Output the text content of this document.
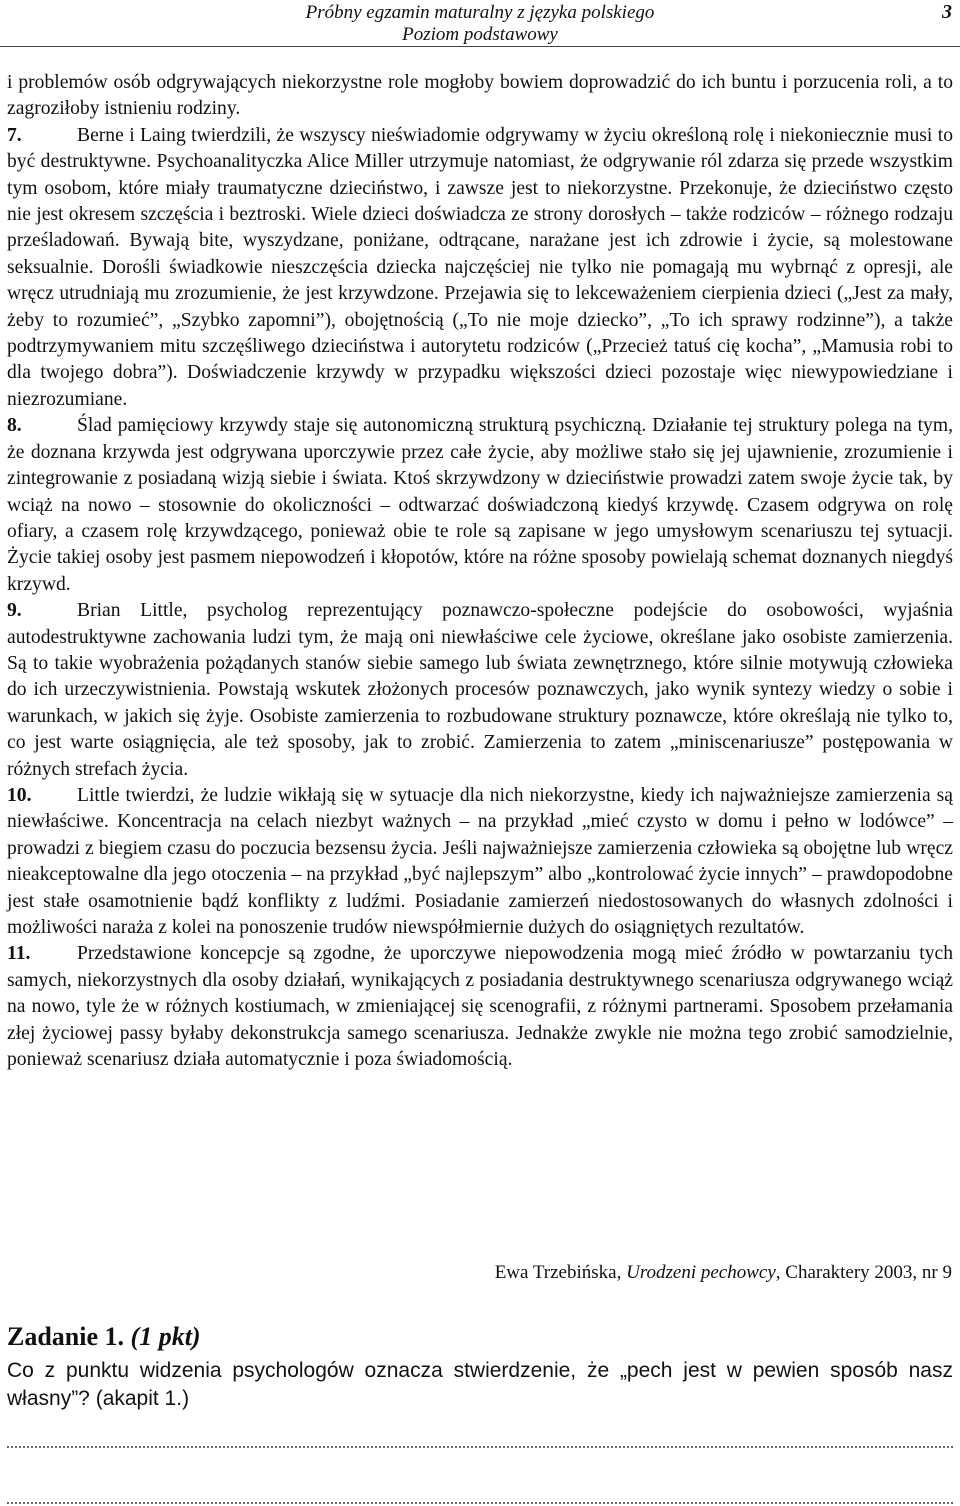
Próbny egzamin maturalny z języka polskiego
Poziom podstawowy
3

i problemów osób odgrywających niekorzystne role mogłoby bowiem doprowadzić do ich buntu i porzucenia roli, a to zagroziłoby istnieniu rodziny.

7.	Berne i Laing twierdzili, że wszyscy nieświadomie odgrywamy w życiu określoną rolę i niekoniecznie musi to być destruktywne. Psychoanalityczka Alice Miller utrzymuje natomiast, że odgrywanie ról zdarza się przede wszystkim tym osobom, które miały traumatyczne dzieciństwo, i zawsze jest to niekorzystne. Przekonuje, że dzieciństwo często nie jest okresem szczęścia i beztroski. Wiele dzieci doświadcza ze strony dorosłych – także rodziców – różnego rodzaju prześladowań. Bywają bite, wyszydzane, poniżane, odtrącane, narażane jest ich zdrowie i życie, są molestowane seksualnie. Dorośli świadkowie nieszczęścia dziecka najczęściej nie tylko nie pomagają mu wybrnąć z opresji, ale wręcz utrudniają mu zrozumienie, że jest krzywdzone. Przejawia się to lekceważeniem cierpienia dzieci („Jest za mały, żeby to rozumieć”, „Szybko zapomni”), obojętnością („To nie moje dziecko”, „To ich sprawy rodzinne”), a także podtrzymywaniem mitu szczęśliwego dzieciństwa i autorytetu rodziców („Przecież tatuś cię kocha”, „Mamusia robi to dla twojego dobra”). Doświadczenie krzywdy w przypadku większości dzieci pozostaje więc niewypowiedziane i niezrozumiane.

8.	Ślad pamięciowy krzywdy staje się autonomiczną strukturą psychiczną. Działanie tej struktury polega na tym, że doznana krzywda jest odgrywana uporczywie przez całe życie, aby możliwe stało się jej ujawnienie, zrozumienie i zintegrowanie z posiadaną wizją siebie i świata. Ktoś skrzywdzony w dzieciństwie prowadzi zatem swoje życie tak, by wciąż na nowo – stosownie do okoliczności – odtwarzać doświadczoną kiedyś krzywdę. Czasem odgrywa on rolę ofiary, a czasem rolę krzywdzącego, ponieważ obie te role są zapisane w jego umysłowym scenariuszu tej sytuacji. Życie takiej osoby jest pasmem niepowodzeń i kłopotów, które na różne sposoby powielają schemat doznanych niegdyś krzywd.

9.	Brian Little, psycholog reprezentujący poznawczo-społeczne podejście do osobowości, wyjaśnia autodestruktywne zachowania ludzi tym, że mają oni niewłaściwe cele życiowe, określane jako osobiste zamierzenia. Są to takie wyobrażenia pożądanych stanów siebie samego lub świata zewnętrznego, które silnie motywują człowieka do ich urzeczywistnienia. Powstają wskutek złożonych procesów poznawczych, jako wynik syntezy wiedzy o sobie i warunkach, w jakich się żyje. Osobiste zamierzenia to rozbudowane struktury poznawcze, które określają nie tylko to, co jest warte osiągnięcia, ale też sposoby, jak to zrobić. Zamierzenia to zatem „miniscenariusze” postępowania w różnych strefach życia.

10. Little twierdzi, że ludzie wikłają się w sytuacje dla nich niekorzystne, kiedy ich najważniejsze zamierzenia są niewłaściwe. Koncentracja na celach niezbyt ważnych – na przykład „mieć czysto w domu i pełno w lodówce” – prowadzi z biegiem czasu do poczucia bezsensu życia. Jeśli najważniejsze zamierzenia człowieka są obojętne lub wręcz nieakceptowalne dla jego otoczenia – na przykład „być najlepszym” albo „kontrolować życie innych” – prawdopodobne jest stałe osamotnienie bądź konflikty z ludźmi. Posiadanie zamierzeń niedostosowanych do własnych zdolności i możliwości naraża z kolei na ponoszenie trudów niewspółmiernie dużych do osiągniętych rezultatów.

11. Przedstawione koncepcje są zgodne, że uporczywe niepowodzenia mogą mieć źródło w powtarzaniu tych samych, niekorzystnych dla osoby działań, wynikających z posiadania destruktywnego scenariusza odgrywanego wciąż na nowo, tyle że w różnych kostiumach, w zmieniającej się scenografii, z różnymi partnerami. Sposobem przełamania złej życiowej passy byłaby dekonstrukcja samego scenariusza. Jednakże zwykle nie można tego zrobić samodzielnie, ponieważ scenariusz działa automatycznie i poza świadomością.

Ewa Trzebińska, Urodzeni pechowcy, Charaktery 2003, nr 9
Zadanie 1. (1 pkt)
Co z punktu widzenia psychologów oznacza stwierdzenie, że „pech jest w pewien sposób nasz własny”? (akapit 1.)
